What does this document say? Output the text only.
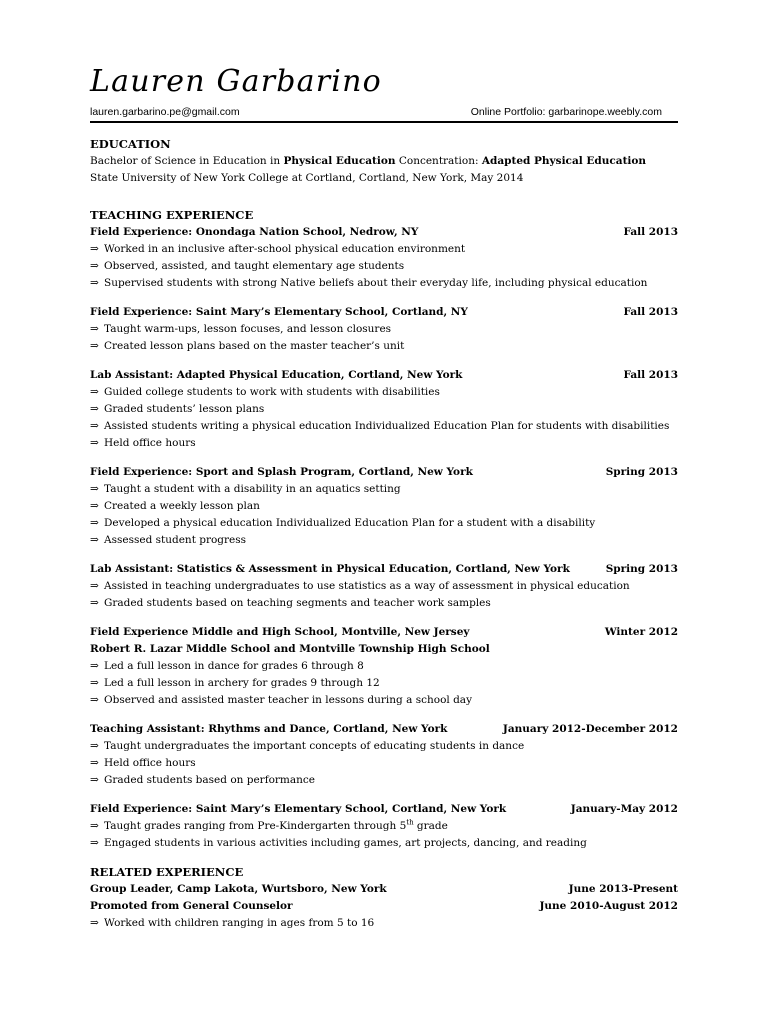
Lauren Garbarino
lauren.garbarino.pe@gmail.com	Online Portfolio: garbarinope.weebly.com
EDUCATION
Bachelor of Science in Education in Physical Education Concentration: Adapted Physical Education
State University of New York College at Cortland, Cortland, New York, May 2014
TEACHING EXPERIENCE
Field Experience: Onondaga Nation School, Nedrow, NY	Fall 2013
⇒ Worked in an inclusive after-school physical education environment
⇒ Observed, assisted, and taught elementary age students
⇒ Supervised students with strong Native beliefs about their everyday life, including physical education
Field Experience: Saint Mary’s Elementary School, Cortland, NY	Fall 2013
⇒ Taught warm-ups, lesson focuses, and lesson closures
⇒ Created lesson plans based on the master teacher’s unit
Lab Assistant: Adapted Physical Education, Cortland, New York	Fall 2013
⇒ Guided college students to work with students with disabilities
⇒ Graded students’ lesson plans
⇒ Assisted students writing a physical education Individualized Education Plan for students with disabilities
⇒ Held office hours
Field Experience: Sport and Splash Program, Cortland, New York	Spring 2013
⇒ Taught a student with a disability in an aquatics setting
⇒ Created a weekly lesson plan
⇒ Developed a physical education Individualized Education Plan for a student with a disability
⇒ Assessed student progress
Lab Assistant: Statistics & Assessment in Physical Education, Cortland, New York	Spring 2013
⇒ Assisted in teaching undergraduates to use statistics as a way of assessment in physical education
⇒ Graded students based on teaching segments and teacher work samples
Field Experience Middle and High School, Montville, New Jersey	Winter 2012
Robert R. Lazar Middle School and Montville Township High School
⇒ Led a full lesson in dance for grades 6 through 8
⇒ Led a full lesson in archery for grades 9 through 12
⇒ Observed and assisted master teacher in lessons during a school day
Teaching Assistant: Rhythms and Dance, Cortland, New York	January 2012-December 2012
⇒ Taught undergraduates the important concepts of educating students in dance
⇒ Held office hours
⇒ Graded students based on performance
Field Experience: Saint Mary’s Elementary School, Cortland, New York	January-May 2012
⇒ Taught grades ranging from Pre-Kindergarten through 5th grade
⇒ Engaged students in various activities including games, art projects, dancing, and reading
RELATED EXPERIENCE
Group Leader, Camp Lakota, Wurtsboro, New York	June 2013-Present
Promoted from General Counselor	June 2010-August 2012
⇒ Worked with children ranging in ages from 5 to 16
